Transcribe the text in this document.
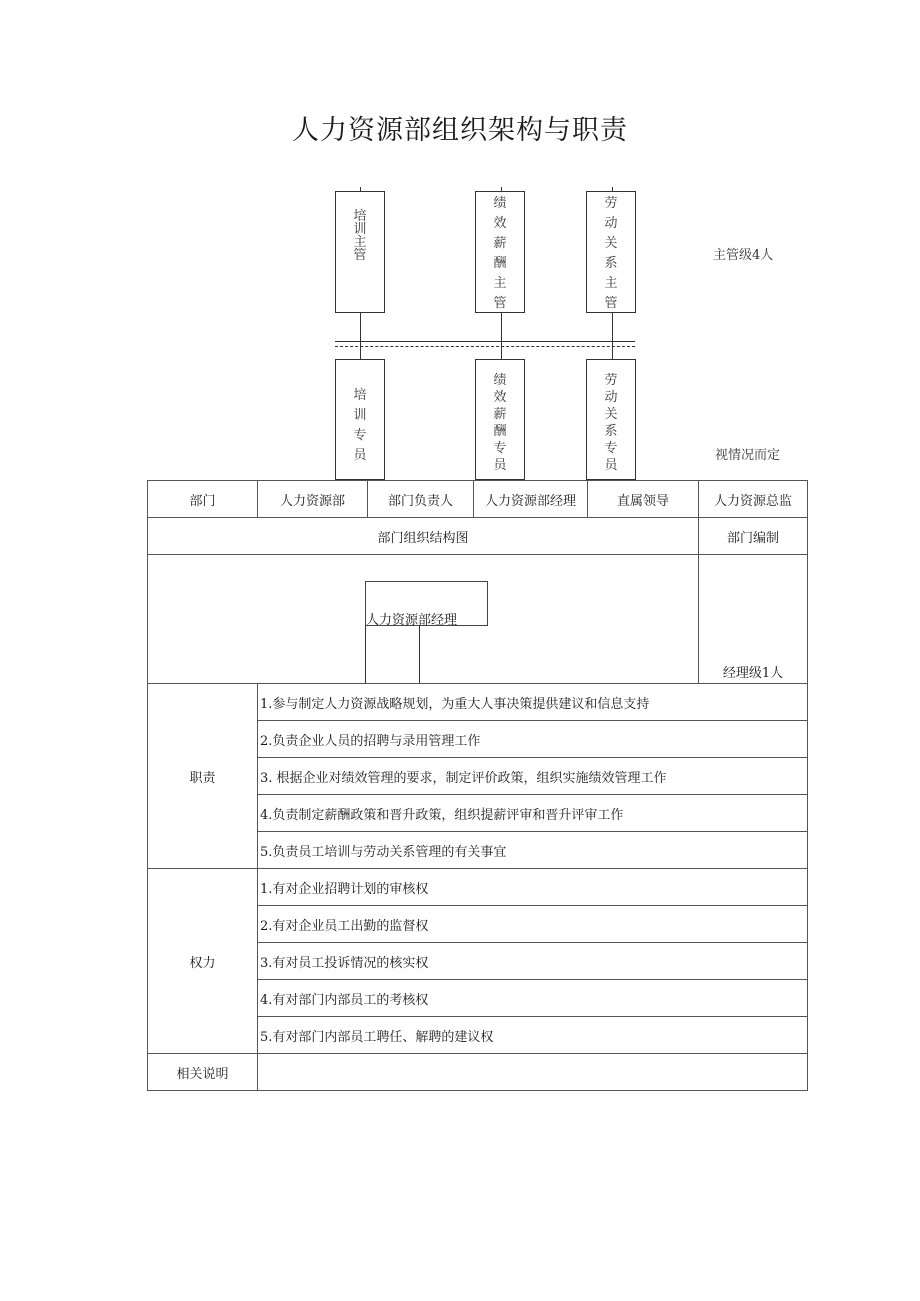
人力资源部组织架构与职责
培 训主管
绩效 薪酬主 管
劳动 关系主 管
培 训 专员
绩效 薪 酬专员
劳动 关 系专员
主管级4人
视情况而定
部门	人力资源部	部门负责人	人力资源部经理	直属领导	人力资源总监
部门组织结构图					部门编制

人力资源部经理					经理级1人
职责	1.参与制定人力资源战略规划，为重大人事决策提供建议和信息支持				
	2.负责企业人员的招聘与录用管理工作				
	3. 根据企业对绩效管理的要求，制定评价政策，组织实施绩效管理工作				
	4.负责制定薪酬政策和晋升政策，组织提薪评审和晋升评审工作				
	5.负责员工培训与劳动关系管理的有关事宜				
权力	1.有对企业招聘计划的审核权				
	2.有对企业员工出勤的监督权				
	3.有对员工投诉情况的核实权				
	4.有对部门内部员工的考核权				
	5.有对部门内部员工聘任、解聘的建议权				
相关说明					
